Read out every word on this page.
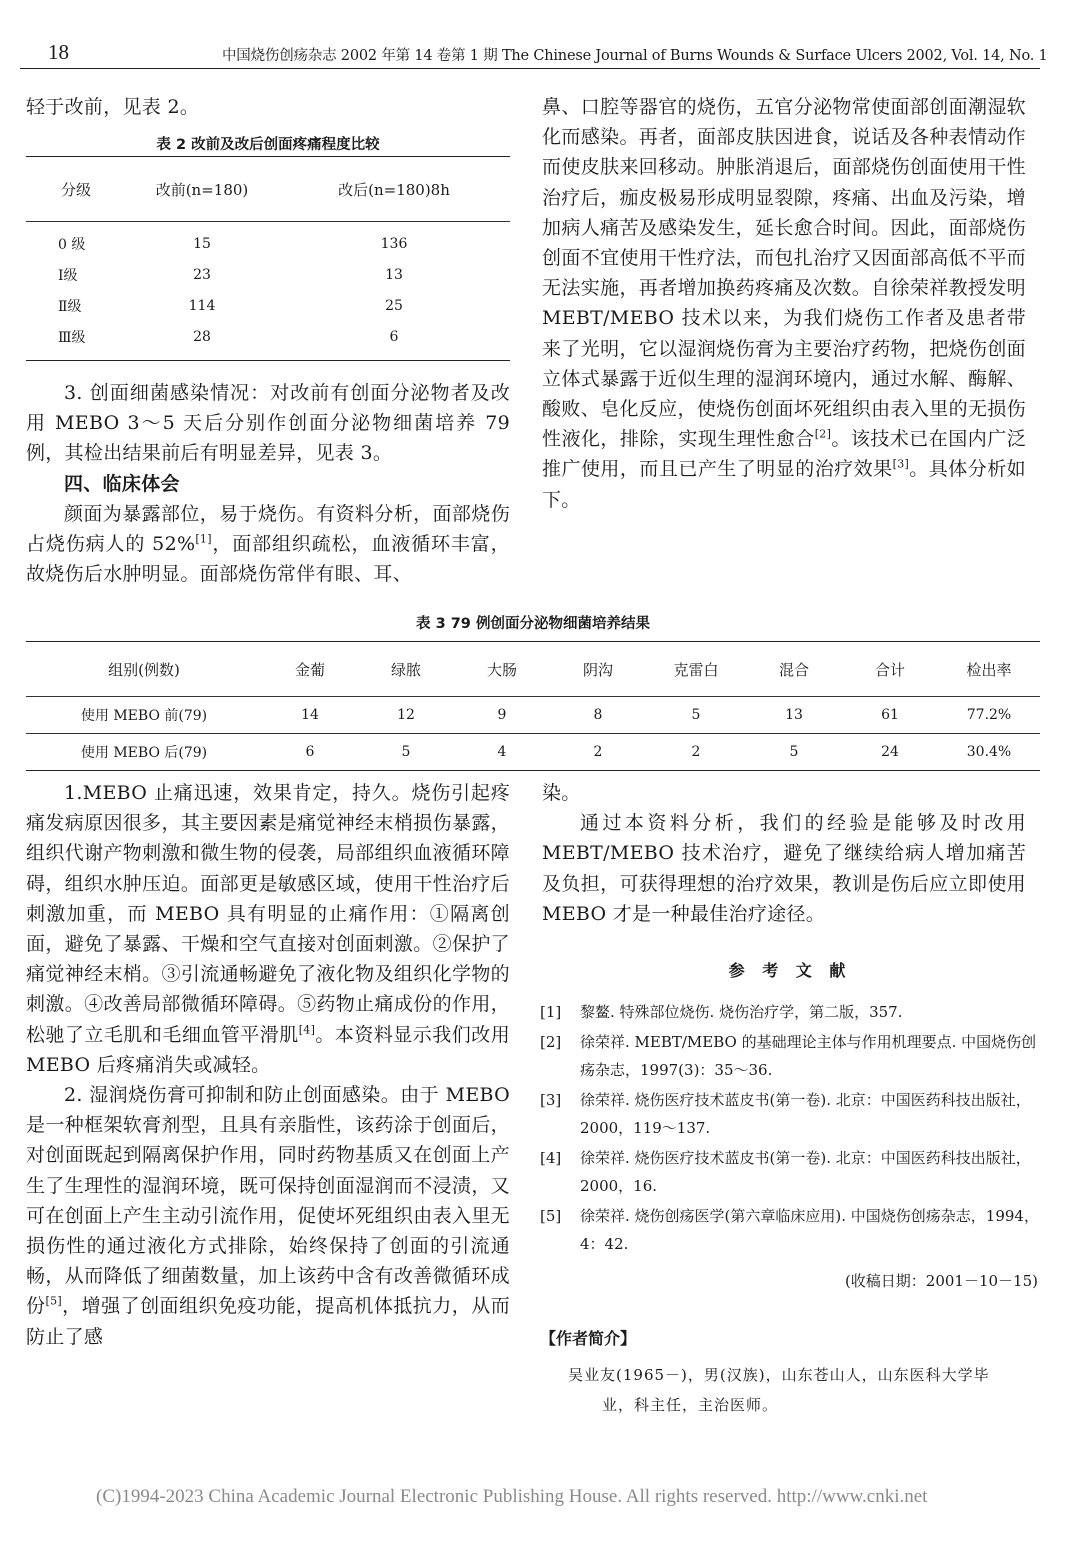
18	中国烧伤创疡杂志 2002 年第 14 卷第 1 期 The Chinese Journal of Burns Wounds & Surface Ulcers 2002, Vol. 14, No. 1

轻于改前，见表 2。

表 2 改前及改后创面疼痛程度比较
分级	改前(n=180)	改后(n=180)8h
0 级	15	136
Ⅰ级	23	13
Ⅱ级	114	25
Ⅲ级	28	6

3. 创面细菌感染情况：对改前有创面分泌物者及改用 MEBO 3～5 天后分别作创面分泌物细菌培养 79 例，其检出结果前后有明显差异，见表 3。

四、临床体会

颜面为暴露部位，易于烧伤。有资料分析，面部烧伤占烧伤病人的 52%[1]，面部组织疏松，血液循环丰富，故烧伤后水肿明显。面部烧伤常伴有眼、耳、

鼻、口腔等器官的烧伤，五官分泌物常使面部创面潮湿软化而感染。再者，面部皮肤因进食，说话及各种表情动作而使皮肤来回移动。肿胀消退后，面部烧伤创面使用干性治疗后，痂皮极易形成明显裂隙，疼痛、出血及污染，增加病人痛苦及感染发生，延长愈合时间。因此，面部烧伤创面不宜使用干性疗法，而包扎治疗又因面部高低不平而无法实施，再者增加换药疼痛及次数。自徐荣祥教授发明 MEBT/MEBO 技术以来，为我们烧伤工作者及患者带来了光明，它以湿润烧伤膏为主要治疗药物，把烧伤创面立体式暴露于近似生理的湿润环境内，通过水解、酶解、酸败、皂化反应，使烧伤创面坏死组织由表入里的无损伤性液化，排除，实现生理性愈合[2]。该技术已在国内广泛推广使用，而且已产生了明显的治疗效果[3]。具体分析如下。

表 3 79 例创面分泌物细菌培养结果
组别(例数)	金葡	绿脓	大肠	阴沟	克雷白	混合	合计	检出率
使用 MEBO 前(79)	14	12	9	8	5	13	61	77.2%
使用 MEBO 后(79)	6	5	4	2	2	5	24	30.4%

1.MEBO 止痛迅速，效果肯定，持久。烧伤引起疼痛发病原因很多，其主要因素是痛觉神经末梢损伤暴露，组织代谢产物刺激和微生物的侵袭，局部组织血液循环障碍，组织水肿压迫。面部更是敏感区域，使用干性治疗后刺激加重，而 MEBO 具有明显的止痛作用：①隔离创面，避免了暴露、干燥和空气直接对创面刺激。②保护了痛觉神经末梢。③引流通畅避免了液化物及组织化学物的刺激。④改善局部微循环障碍。⑤药物止痛成份的作用，松驰了立毛肌和毛细血管平滑肌[4]。本资料显示我们改用 MEBO 后疼痛消失或减轻。

2. 湿润烧伤膏可抑制和防止创面感染。由于 MEBO 是一种框架软膏剂型，且具有亲脂性，该药涂于创面后，对创面既起到隔离保护作用，同时药物基质又在创面上产生了生理性的湿润环境，既可保持创面湿润而不浸渍，又可在创面上产生主动引流作用，促使坏死组织由表入里无损伤性的通过液化方式排除，始终保持了创面的引流通畅，从而降低了细菌数量，加上该药中含有改善微循环成份[5]，增强了创面组织免疫功能，提高机体抵抗力，从而防止了感

染。

通过本资料分析，我们的经验是能够及时改用 MEBT/MEBO 技术治疗，避免了继续给病人增加痛苦及负担，可获得理想的治疗效果，教训是伤后应立即使用 MEBO 才是一种最佳治疗途径。

参 考 文 献
[1]	黎鳌. 特殊部位烧伤. 烧伤治疗学，第二版，357.
[2]	徐荣祥. MEBT/MEBO 的基础理论主体与作用机理要点. 中国烧伤创疡杂志，1997(3)：35～36.
[3]	徐荣祥. 烧伤医疗技术蓝皮书(第一卷). 北京：中国医药科技出版社，2000，119～137.
[4]	徐荣祥. 烧伤医疗技术蓝皮书(第一卷). 北京：中国医药科技出版社，2000，16.
[5]	徐荣祥. 烧伤创疡医学(第六章临床应用). 中国烧伤创疡杂志，1994，4：42.
(收稿日期：2001－10－15)
【作者简介】
吴业友(1965－)，男(汉族)，山东苍山人，山东医科大学毕
业，科主任，主治医师。
(C)1994-2023 China Academic Journal Electronic Publishing House. All rights reserved. http://www.cnki.net
